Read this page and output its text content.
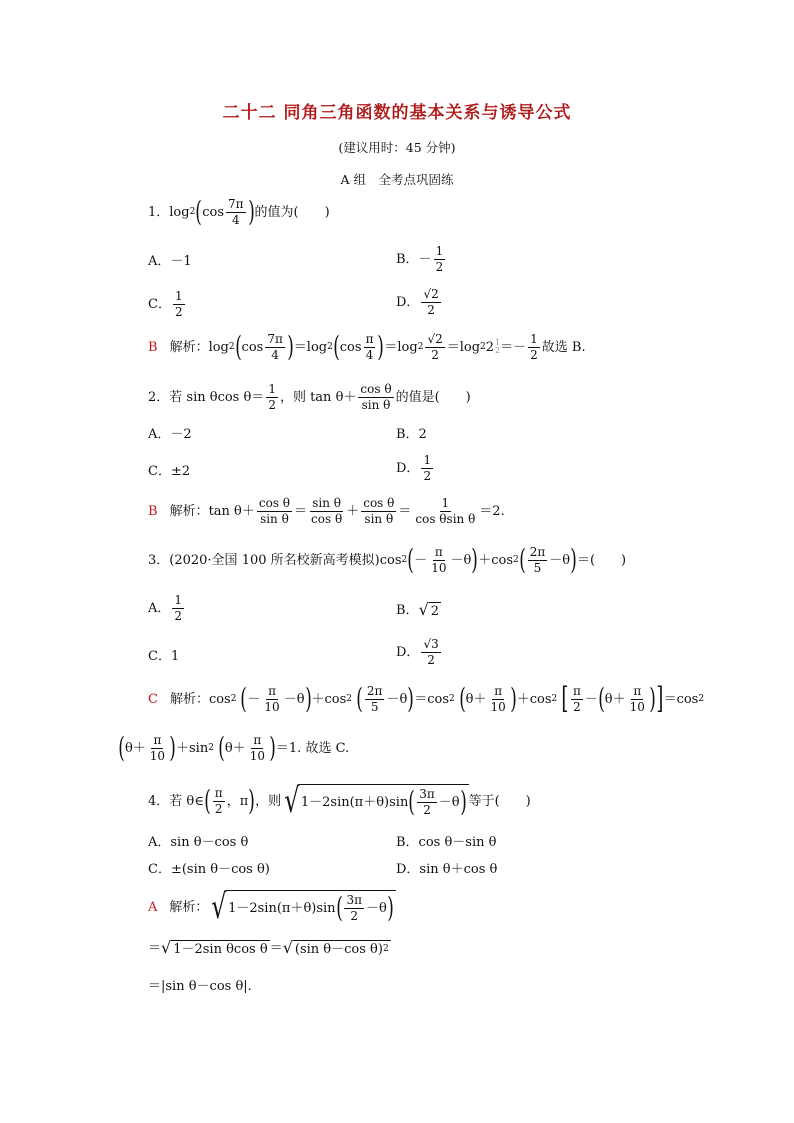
二十二 同角三角函数的基本关系与诱导公式
(建议用时：45 分钟)
A 组　全考点巩固练
1．log 2 ( $\cos \frac{7\pi}{4}$ ) 的值为(　　)
A．－1	B．－ $\frac{1}{2}$
C． $\frac{1}{2}$	D． $\frac{√2}{2}$
B 解析：log 2 ( $\cos \frac{7\pi}{4}$ ) ＝log 2 ( $\cos \frac{\pi}{4}$ ) ＝log $2 \frac{√2}{2} =\log$ 2 2 1
$2 =- \frac{1}{2}$ 故选 B.
2．若 sin θcos $\theta= \frac{1}{2}$ ，则 $\tan \theta+ \frac{\text{cos θ}}{\text{sin θ}}$ 的值是(　　)
A．－2	B．2
C．±2	D． $\frac{1}{2}$
B 解析：$\tan \theta+ \frac{\text{cos θ}}{\text{sin θ}} = \frac{\text{sin θ}}{\text{cos θ}} + \frac{\text{cos θ}}{\text{sin θ}} = \frac{1}{\text{cos θsin θ}} =2$.
3．(2020·全国 100 所名校新高考模拟)cos 2 ( － $\frac{\pi}{10} -\theta$ ) ＋cos 2 ( $\frac{2\pi}{5} -\theta$ ) ＝(　　)
A． $\frac{1}{2}$	B． √ 2
C．1	D． $\frac{√3}{2}$
C 解析：cos 2 ( － $\frac{\pi}{10} -\theta$ ) ＋cos 2 ( $\frac{2\pi}{5} -\theta$ ) ＝cos 2 ( $\theta+ \frac{\pi}{10}$ ) ＋cos 2 [ $\frac{\pi}{2}$ － ( $\theta+ \frac{\pi}{10}$ ) ] ＝cos 2
( $\theta+ \frac{\pi}{10}$ ) ＋sin 2 ( $\theta+ \frac{\pi}{10}$ ) ＝1. 故选 C.
4．若 θ∈ ( $\frac{\pi}{2}$ ，π ) ，则 √ 1－2sin(π＋θ)sin ( $\frac{3\pi}{2} -\theta$ ) 等于(　　)
A．sin θ－cos θ	B．cos θ－sin θ
C．±(sin θ－cos θ)	D．sin θ＋cos θ
A 解析： √ 1－2sin(π＋θ)sin ( $\frac{3\pi}{2} -\theta$ )
＝ √ 1－2sin θcos θ ＝ √ (sin θ－cos θ) 2
＝|sin θ－cos θ|.
